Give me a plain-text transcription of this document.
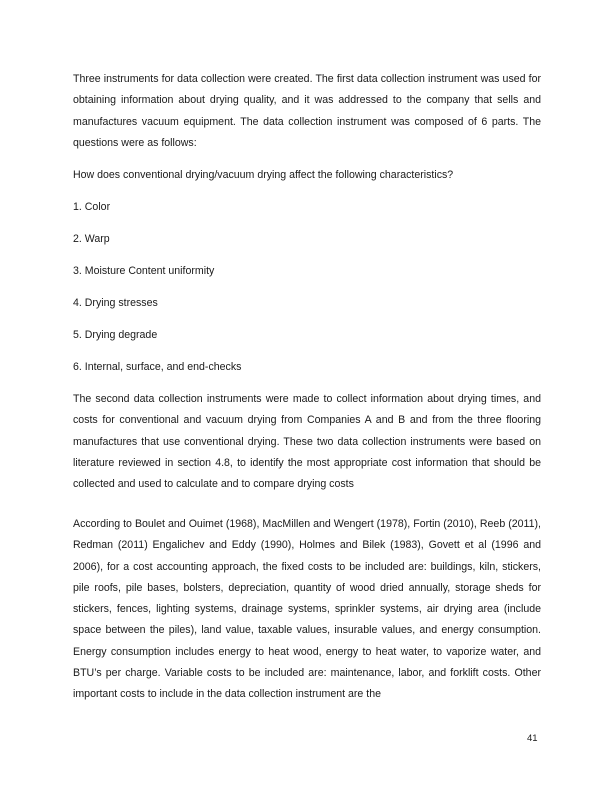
Three instruments for data collection were created. The first data collection instrument was used for obtaining information about drying quality, and it was addressed to the company that sells and manufactures vacuum equipment. The data collection instrument was composed of 6 parts. The questions were as follows:

How does conventional drying/vacuum drying affect the following characteristics?

1. Color

2. Warp

3. Moisture Content uniformity

4. Drying stresses

5. Drying degrade

6. Internal, surface, and end-checks

The second data collection instruments were made to collect information about drying times, and costs for conventional and vacuum drying from Companies A and B and from the three flooring manufactures that use conventional drying. These two data collection instruments were based on literature reviewed in section 4.8, to identify the most appropriate cost information that should be collected and used to calculate and to compare drying costs

According to Boulet and Ouimet (1968), MacMillen and Wengert (1978), Fortin (2010), Reeb (2011), Redman (2011) Engalichev and Eddy (1990), Holmes and Bilek (1983), Govett et al (1996 and 2006), for a cost accounting approach, the fixed costs to be included are: buildings, kiln, stickers, pile roofs, pile bases, bolsters, depreciation, quantity of wood dried annually, storage sheds for stickers, fences, lighting systems, drainage systems, sprinkler systems, air drying area (include space between the piles), land value, taxable values, insurable values, and energy consumption. Energy consumption includes energy to heat wood, energy to heat water, to vaporize water, and BTU’s per charge. Variable costs to be included are: maintenance, labor, and forklift costs. Other important costs to include in the data collection instrument are the

41
